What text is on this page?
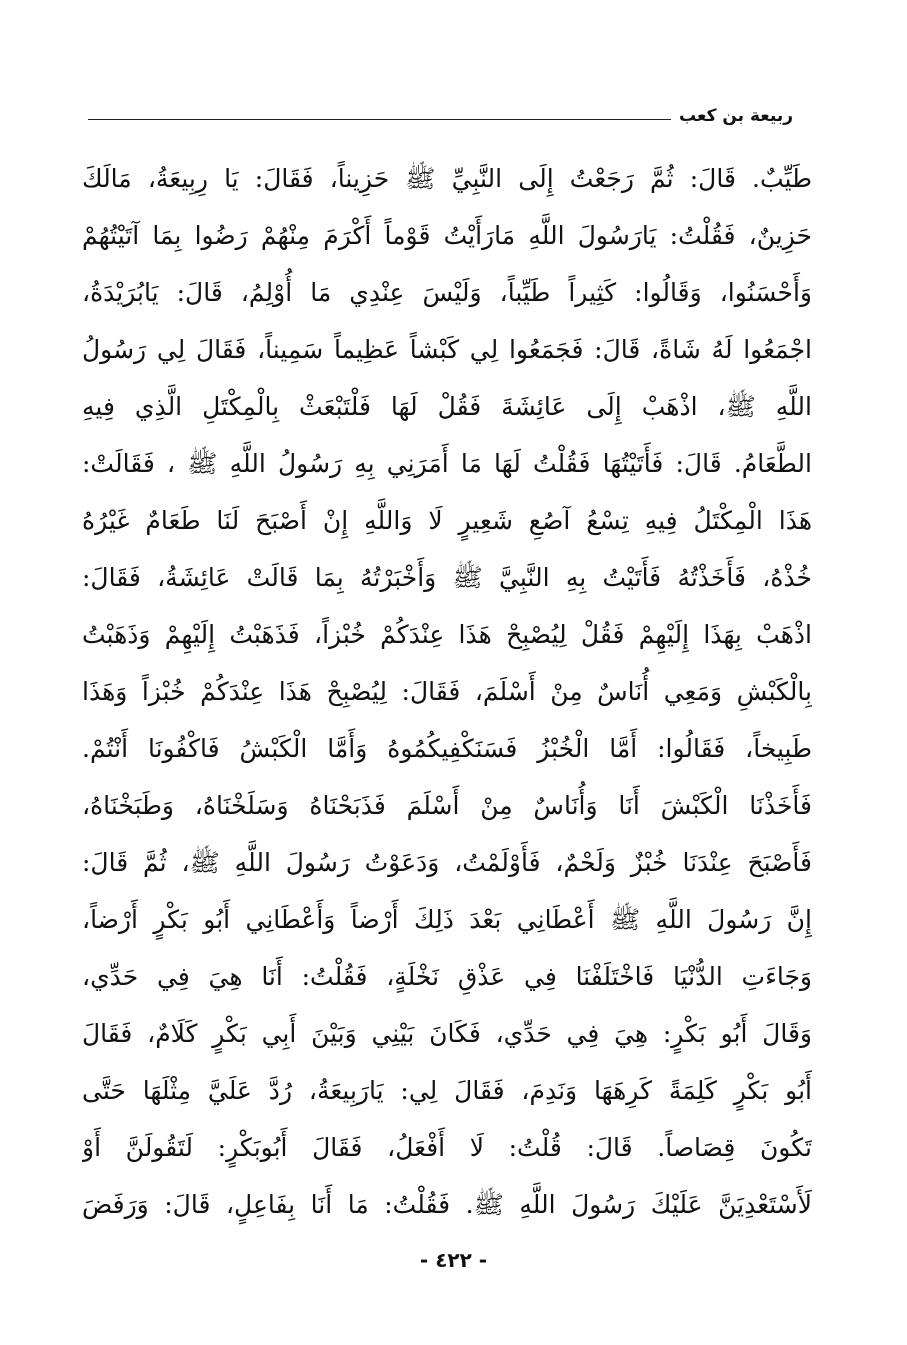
ربيعة بن كعب
طَيِّبٌ. قَالَ: ثُمَّ رَجَعْتُ إِلَى النَّبِيِّ ﷺ حَزِيناً، فَقَالَ: يَا رِبِيعَةُ، مَالَكَ
حَزِينٌ، فَقُلْتُ: يَارَسُولَ اللَّهِ مَارَأَيْتُ قَوْماً أَكْرَمَ مِنْهُمْ رَضُوا بِمَا آتَيْتُهُمْ
وَأَحْسَنُوا، وَقَالُوا: كَثِيراً طَيِّباً، وَلَيْسَ عِنْدِي مَا أُوْلِمُ، قَالَ: يَابُرَيْدَةُ،
اجْمَعُوا لَهُ شَاةً، قَالَ: فَجَمَعُوا لِي كَبْشاً عَظِيماً سَمِيناً، فَقَالَ لِي رَسُولُ
اللَّهِ ﷺ، اذْهَبْ إِلَى عَائِشَةَ فَقُلْ لَهَا فَلْتَبْعَثْ بِالْمِكْتَلِ الَّذِي فِيهِ
الطَّعَامُ. قَالَ: فَأَتَيْتُهَا فَقُلْتُ لَهَا مَا أَمَرَنِي بِهِ رَسُولُ اللَّهِ ﷺ ، فَقَالَتْ:
هَذَا الْمِكْتَلُ فِيهِ تِسْعُ آصُعِ شَعِيرٍ لَا وَاللَّهِ إِنْ أَصْبَحَ لَنَا طَعَامٌ غَيْرُهُ
خُذْهُ، فَأَخَذْتُهُ فَأَتَيْتُ بِهِ النَّبِيَّ ﷺ وَأَخْبَرْتُهُ بِمَا قَالَتْ عَائِشَةُ، فَقَالَ:
اذْهَبْ بِهَذَا إِلَيْهِمْ فَقُلْ لِيُصْبِحْ هَذَا عِنْدَكُمْ خُبْزاً، فَذَهَبْتُ إِلَيْهِمْ وَذَهَبْتُ
بِالْكَبْشِ وَمَعِي أُنَاسٌ مِنْ أَسْلَمَ، فَقَالَ: لِيُصْبِحْ هَذَا عِنْدَكُمْ خُبْزاً وَهَذَا
طَبِيخاً، فَقَالُوا: أَمَّا الْخُبْزُ فَسَنَكْفِيكُمُوهُ وَأَمَّا الْكَبْشُ فَاكْفُونَا أَنْتُمْ.
فَأَخَذْنَا الْكَبْشَ أَنَا وَأُنَاسٌ مِنْ أَسْلَمَ فَذَبَحْنَاهُ وَسَلَخْنَاهُ، وَطَبَخْنَاهُ،
فَأَصْبَحَ عِنْدَنَا خُبْزٌ وَلَحْمٌ، فَأَوْلَمْتُ، وَدَعَوْتُ رَسُولَ اللَّهِ ﷺ، ثُمَّ قَالَ:
إِنَّ رَسُولَ اللَّهِ ﷺ أَعْطَانِي بَعْدَ ذَلِكَ أَرْضاً وَأَعْطَانِي أَبُو بَكْرٍ أَرْضاً،
وَجَاءَتِ الدُّنْيَا فَاخْتَلَفْنَا فِي عَذْقِ نَخْلَةٍ، فَقُلْتُ: أَنَا هِيَ فِي حَدِّي،
وَقَالَ أَبُو بَكْرٍ: هِيَ فِي حَدِّي، فَكَانَ بَيْنِي وَبَيْنَ أَبِي بَكْرٍ كَلَامٌ، فَقَالَ
أَبُو بَكْرٍ كَلِمَةً كَرِهَهَا وَنَدِمَ، فَقَالَ لِي: يَارَبِيعَةُ، رُدَّ عَلَيَّ مِثْلَهَا حَتَّى
تَكُونَ قِصَاصاً. قَالَ: قُلْتُ: لَا أَفْعَلُ، فَقَالَ أَبُوبَكْرٍ: لَتَقُولَنَّ أَوْ
لَأَسْتَعْدِيَنَّ عَلَيْكَ رَسُولَ اللَّهِ ﷺ. فَقُلْتُ: مَا أَنَا بِفَاعِلٍ، قَالَ: وَرَفَضَ
- ٤٢٢ -
